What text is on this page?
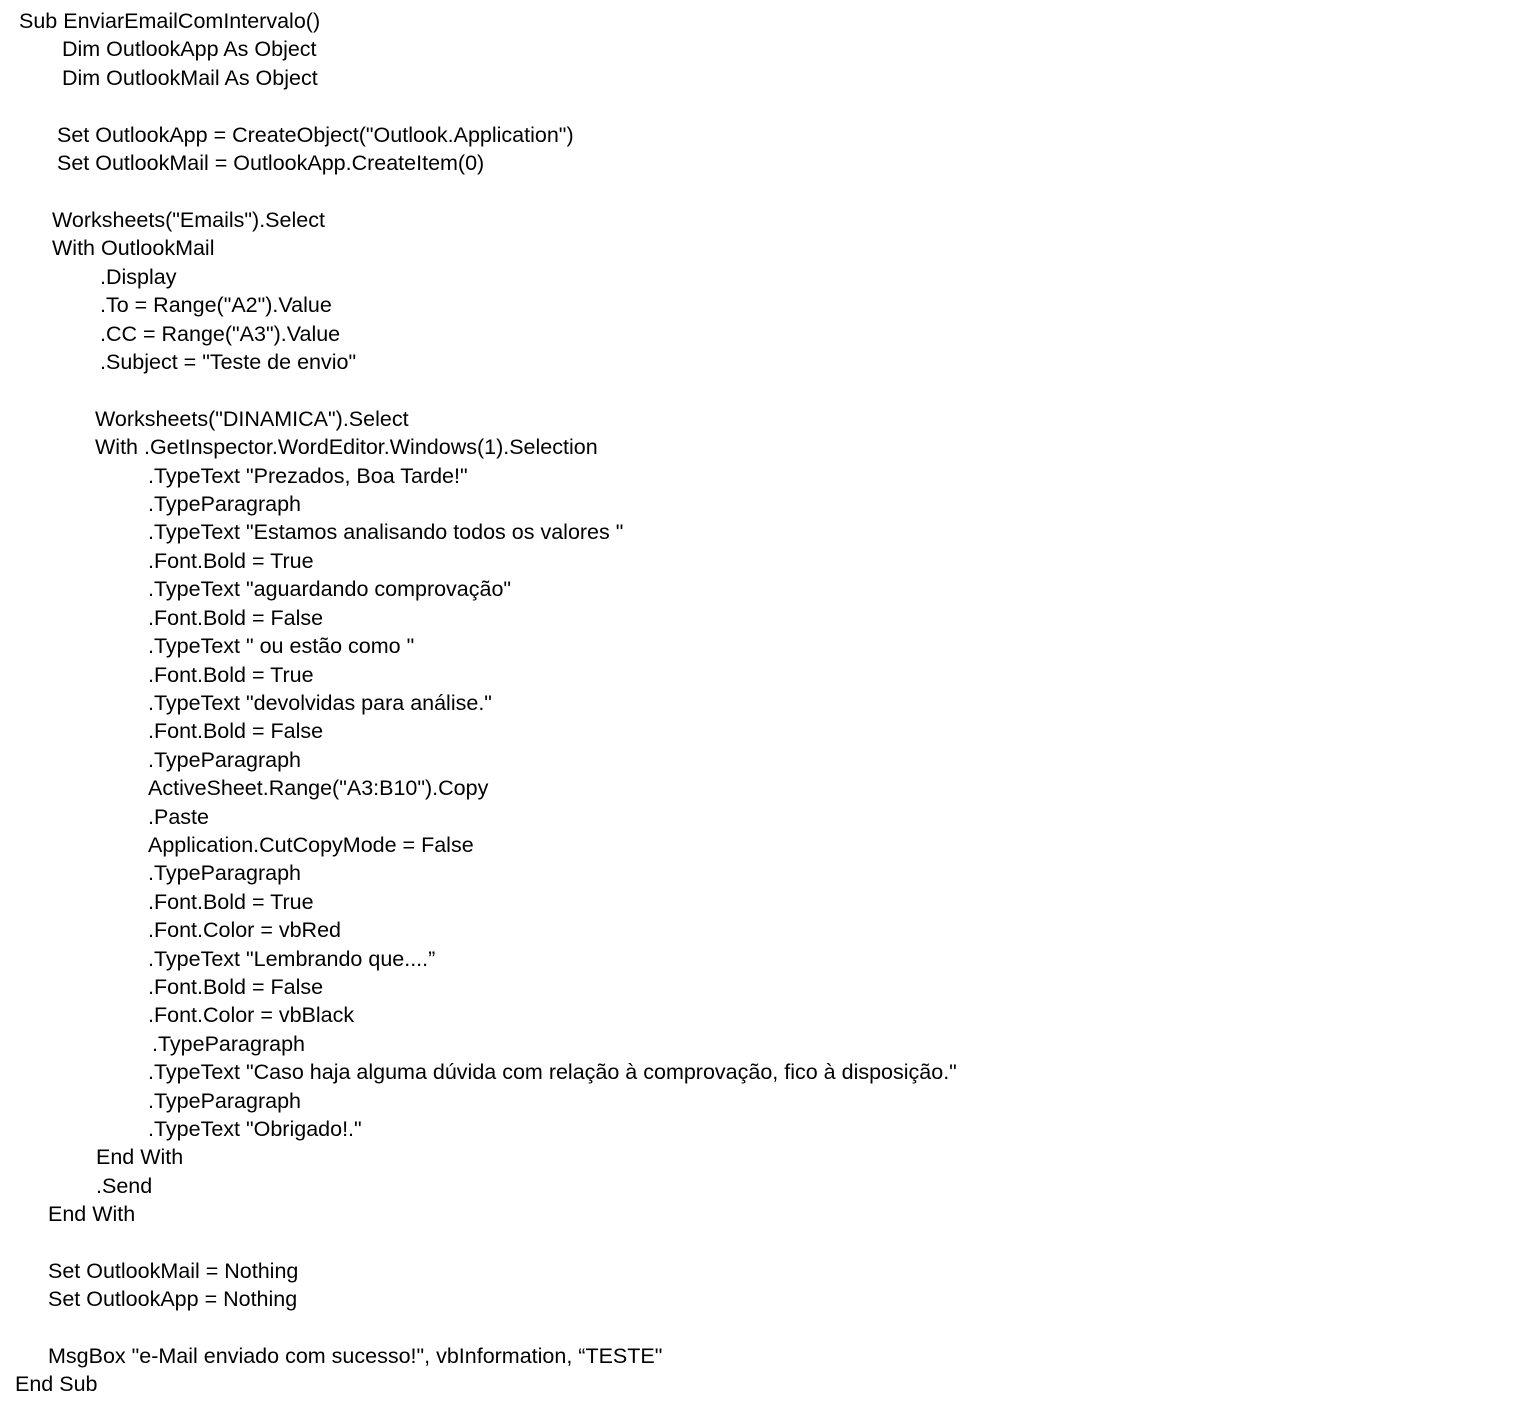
Sub EnviarEmailComIntervalo()
Dim OutlookApp As Object
Dim OutlookMail As Object
Set OutlookApp = CreateObject("Outlook.Application")
Set OutlookMail = OutlookApp.CreateItem(0)
Worksheets("Emails").Select
With OutlookMail
.Display
.To = Range("A2").Value
.CC = Range("A3").Value
.Subject = "Teste de envio"
Worksheets("DINAMICA").Select
With .GetInspector.WordEditor.Windows(1).Selection
.TypeText "Prezados, Boa Tarde!"
.TypeParagraph
.TypeText "Estamos analisando todos os valores "
.Font.Bold = True
.TypeText "aguardando comprovação"
.Font.Bold = False
.TypeText " ou estão como "
.Font.Bold = True
.TypeText "devolvidas para análise."
.Font.Bold = False
.TypeParagraph
ActiveSheet.Range("A3:B10").Copy
.Paste
Application.CutCopyMode = False
.TypeParagraph
.Font.Bold = True
.Font.Color = vbRed
.TypeText "Lembrando que....”
.Font.Bold = False
.Font.Color = vbBlack
.TypeParagraph
.TypeText "Caso haja alguma dúvida com relação à comprovação, fico à disposição."
.TypeParagraph
.TypeText "Obrigado!."
End With
.Send
End With
Set OutlookMail = Nothing
Set OutlookApp = Nothing
MsgBox "e-Mail enviado com sucesso!", vbInformation, “TESTE"
End Sub
